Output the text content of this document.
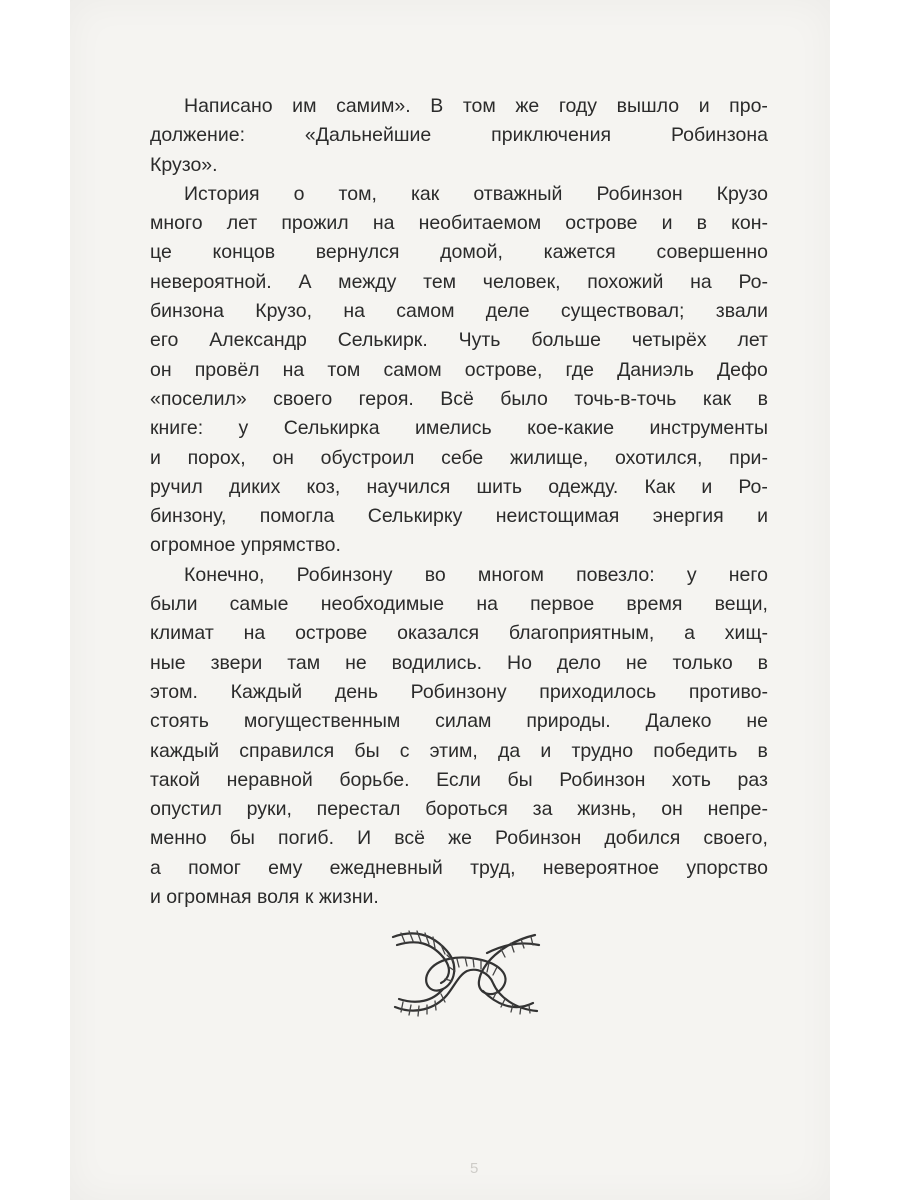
Написано им самим». В том же году вышло и про-
должение:	«Дальнейшие	приключения	Робинзона
Крузо».
История о том, как отважный Робинзон Крузо
много лет прожил на необитаемом острове и в кон-
це концов вернулся домой, кажется совершенно
невероятной. А между тем человек, похожий на Ро-
бинзона Крузо, на самом деле существовал; звали
его Александр Селькирк. Чуть больше четырёх лет
он провёл на том самом острове, где Даниэль Дефо
«поселил» своего героя. Всё было точь-в-точь как в
книге: у Селькирка имелись кое-какие инструменты
и порох, он обустроил себе жилище, охотился, при-
ручил диких коз, научился шить одежду. Как и Ро-
бинзону, помогла Селькирку неистощимая энергия и
огромное упрямство.
Конечно, Робинзону во многом повезло: у него
были самые необходимые на первое время вещи,
климат на острове оказался благоприятным, а хищ-
ные звери там не водились. Но дело не только в
этом. Каждый день Робинзону приходилось противо-
стоять могущественным силам природы. Далеко не
каждый справился бы с этим, да и трудно победить в
такой неравной борьбе. Если бы Робинзон хоть раз
опустил руки, перестал бороться за жизнь, он непре-
менно бы погиб. И всё же Робинзон добился своего,
а помог ему ежедневный труд, невероятное упорство
и огромная воля к жизни.
5
